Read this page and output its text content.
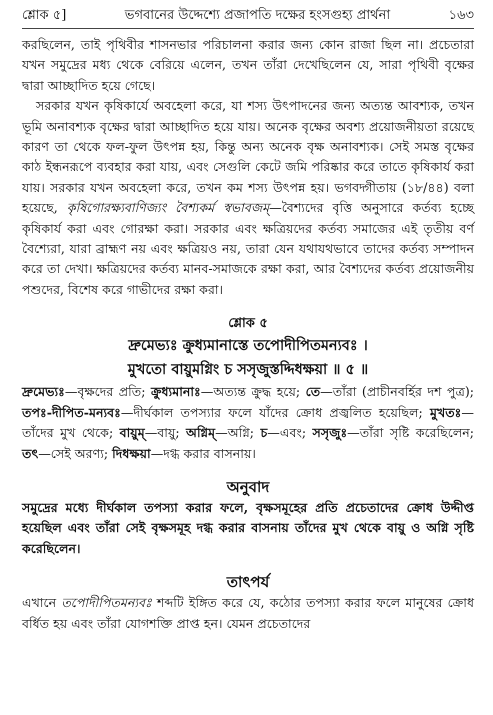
শ্লোক ৫]	ভগবানের উদ্দেশ্যে প্রজাপতি দক্ষের হংসগুহ্য প্রার্থনা	১৬৩

করছিলেন, তাই পৃথিবীর শাসনভার পরিচালনা করার জন্য কোন রাজা ছিল না। প্রচেতারা যখন সমুদ্রের মধ্য থেকে বেরিয়ে এলেন, তখন তাঁরা দেখেছিলেন যে, সারা পৃথিবী বৃক্ষের দ্বারা আচ্ছাদিত হয়ে গেছে।

সরকার যখন কৃষিকার্যে অবহেলা করে, যা শস্য উৎপাদনের জন্য অত্যন্ত আবশ্যক, তখন ভূমি অনাবশ্যক বৃক্ষের দ্বারা আচ্ছাদিত হয়ে যায়। অনেক বৃক্ষের অবশ্য প্রয়োজনীয়তা রয়েছে কারণ তা থেকে ফল-ফুল উৎপন্ন হয়, কিন্তু অন্য অনেক বৃক্ষ অনাবশ্যক। সেই সমস্ত বৃক্ষের কাঠ ইন্ধনরূপে ব্যবহার করা যায়, এবং সেগুলি কেটে জমি পরিষ্কার করে তাতে কৃষিকার্য করা যায়। সরকার যখন অবহেলা করে, তখন কম শস্য উৎপন্ন হয়। ভগবদ্গীতায় (১৮/৪৪) বলা হয়েছে, কৃষিগোরক্ষ্যবাণিজ্যং বৈশ্যকর্ম স্বভাবজম্—বৈশ্যদের বৃত্তি অনুসারে কর্তব্য হচ্ছে কৃষিকার্য করা এবং গোরক্ষা করা। সরকার এবং ক্ষত্রিয়দের কর্তব্য সমাজের এই তৃতীয় বর্ণ বৈশ্যেরা, যারা ব্রাহ্মণ নয় এবং ক্ষত্রিয়ও নয়, তারা যেন যথাযথভাবে তাদের কর্তব্য সম্পাদন করে তা দেখা। ক্ষত্রিয়দের কর্তব্য মানব-সমাজকে রক্ষা করা, আর বৈশ্যদের কর্তব্য প্রয়োজনীয় পশুদের, বিশেষ করে গাভীদের রক্ষা করা।

শ্লোক ৫
দ্রুমেভ্যঃ ক্রুধ্যমানাস্তে তপোদীপিতমন্যবঃ ।
মুখতো বায়ুমগ্নিং চ সসৃজুস্তদ্দিধক্ষয়া ॥ ৫ ॥

দ্রুমেভ্যঃ—বৃক্ষদের প্রতি; ক্রুধ্যমানাঃ—অত্যন্ত ক্রুদ্ধ হয়ে; তে—তাঁরা (প্রাচীনবর্হির দশ পুত্র); তপঃ-দীপিত-মন্যবঃ—দীর্ঘকাল তপস্যার ফলে যাঁদের ক্রোধ প্রজ্বলিত হয়েছিল; মুখতঃ—তাঁদের মুখ থেকে; বায়ুম্—বায়ু; অগ্নিম্—অগ্নি; চ—এবং; সসৃজুঃ—তাঁরা সৃষ্টি করেছিলেন; তৎ—সেই অরণ্য; দিধক্ষয়া—দগ্ধ করার বাসনায়।

অনুবাদ

সমুদ্রের মধ্যে দীর্ঘকাল তপস্যা করার ফলে, বৃক্ষসমূহের প্রতি প্রচেতাদের ক্রোধ উদ্দীপ্ত হয়েছিল এবং তাঁরা সেই বৃক্ষসমূহ দগ্ধ করার বাসনায় তাঁদের মুখ থেকে বায়ু ও অগ্নি সৃষ্টি করেছিলেন।

তাৎপর্য

এখানে তপোদীপিতমন্যবঃ শব্দটি ইঙ্গিত করে যে, কঠোর তপস্যা করার ফলে মানুষের ক্রোধ বর্ধিত হয় এবং তাঁরা যোগশক্তি প্রাপ্ত হন। যেমন প্রচেতাদের
